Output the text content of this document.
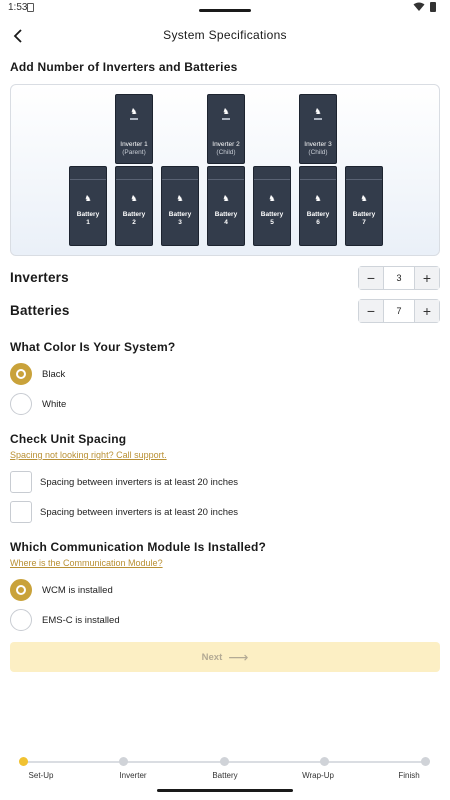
1:53
System Specifications
Add Number of Inverters and Batteries
♞
Inverter 1
(Parent)
♞
Inverter 2
(Child)
♞
Inverter 3
(Child)
♞
Battery
1
♞
Battery
2
♞
Battery
3
♞
Battery
4
♞
Battery
5
♞
Battery
6
♞
Battery
7
Inverters	−	3	+
Batteries	−	7	+
What Color Is Your System?
Black
White
Check Unit Spacing
Spacing not looking right? Call support.
Spacing between inverters is at least 20 inches
Spacing between inverters is at least 20 inches
Which Communication Module Is Installed?
Where is the Communication Module?
WCM is installed
EMS-C is installed
Next ⟶
Set-Up	Inverter	Battery	Wrap-Up	Finish
